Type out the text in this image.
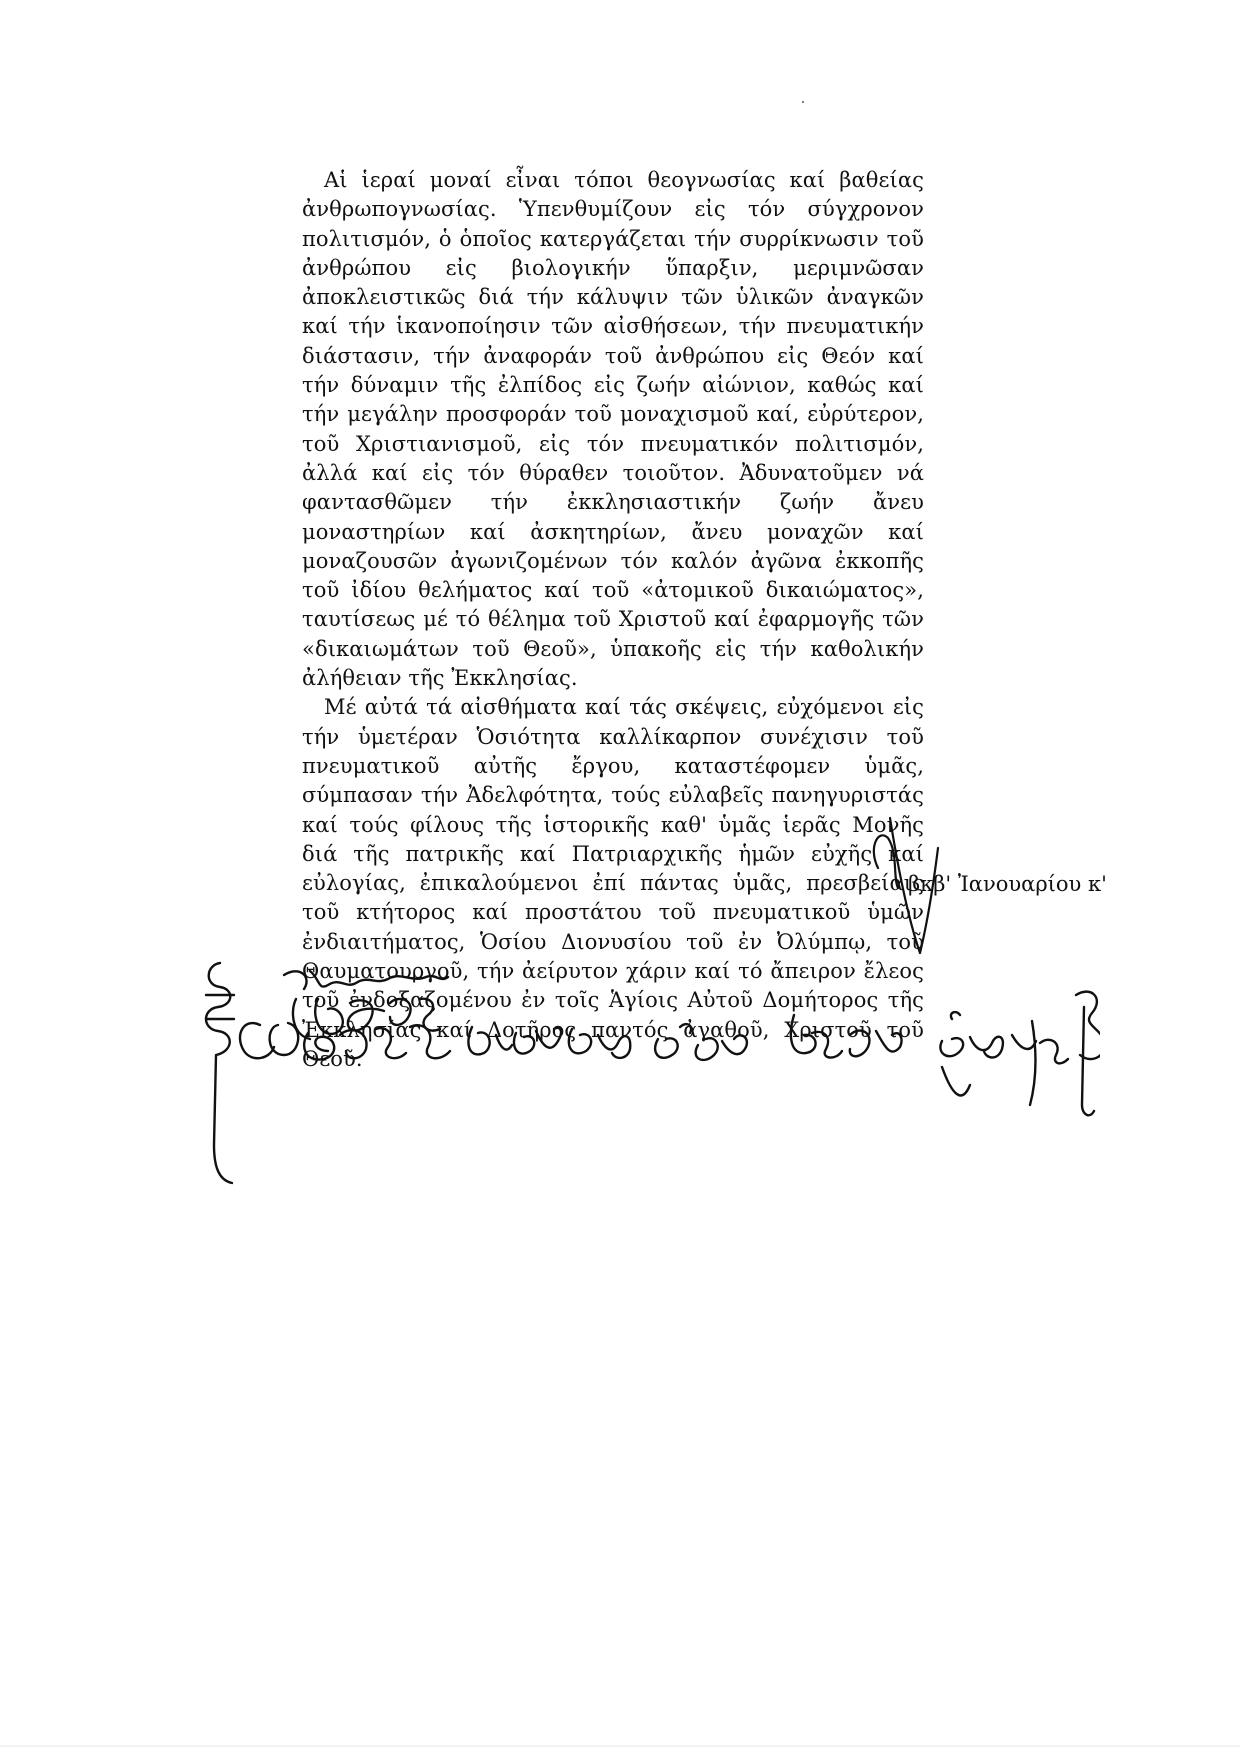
Αἱ ἱεραί μοναί εἶναι τόποι θεογνωσίας καί βαθείας ἀνθρωπογνωσίας. Ὑπενθυμίζουν εἰς τόν σύγχρονον πολιτισμόν, ὁ ὁποῖος κατεργάζεται τήν συρρίκνωσιν τοῦ ἀνθρώπου εἰς βιολογικήν ὕπαρξιν, μεριμνῶσαν ἀποκλειστικῶς διά τήν κάλυψιν τῶν ὑλικῶν ἀναγκῶν καί τήν ἱκανοποίησιν τῶν αἰσθήσεων, τήν πνευματικήν διάστασιν, τήν ἀναφοράν τοῦ ἀνθρώπου εἰς Θεόν καί τήν δύναμιν τῆς ἐλπίδος εἰς ζωήν αἰώνιον, καθώς καί τήν μεγάλην προσφοράν τοῦ μοναχισμοῦ καί, εὐρύτερον, τοῦ Χριστιανισμοῦ, εἰς τόν πνευματικόν πολιτισμόν, ἀλλά καί εἰς τόν θύραθεν τοιοῦτον. Ἀδυνατοῦμεν νά φαντασθῶμεν τήν ἐκκλησιαστικήν ζωήν ἄνευ μοναστηρίων καί ἀσκητηρίων, ἄνευ μοναχῶν καί μοναζουσῶν ἀγωνιζομένων τόν καλόν ἀγῶνα ἐκκοπῆς τοῦ ἰδίου θελήματος καί τοῦ «ἀτομικοῦ δικαιώματος», ταυτίσεως μέ τό θέλημα τοῦ Χριστοῦ καί ἐφαρμογῆς τῶν «δικαιωμάτων τοῦ Θεοῦ», ὑπακοῆς εἰς τήν καθολικήν ἀλήθειαν τῆς Ἐκκλησίας.

Μέ αὐτά τά αἰσθήματα καί τάς σκέψεις, εὐχόμενοι εἰς τήν ὑμετέραν Ὁσιότητα καλλίκαρπον συνέχισιν τοῦ πνευματικοῦ αὐτῆς ἔργου, καταστέφομεν ὑμᾶς, σύμπασαν τήν Ἀδελφότητα, τούς εὐλαβεῖς πανηγυριστάς καί τούς φίλους τῆς ἱστορικῆς καθ' ὑμᾶς ἱερᾶς Μονῆς διά τῆς πατρικῆς καί Πατριαρχικῆς ἡμῶν εὐχῆς καί εὐλογίας, ἐπικαλούμενοι ἐπί πάντας ὑμᾶς, πρεσβείαις τοῦ κτήτορος καί προστάτου τοῦ πνευματικοῦ ὑμῶν ἐνδιαιτήματος, Ὁσίου Διονυσίου τοῦ ἐν Ὀλύμπῳ, τοῦ Θαυματουργοῦ, τήν ἀείρυτον χάριν καί τό ἄπειρον ἔλεος τοῦ ἐνδοξαζομένου ἐν τοῖς Ἁγίοις Αὐτοῦ Δομήτορος τῆς Ἐκκλησίας καί Δοτῆρος παντός ἀγαθοῦ, Χριστοῦ τοῦ Θεοῦ.

βκβ' Ἰανουαρίου κ'
